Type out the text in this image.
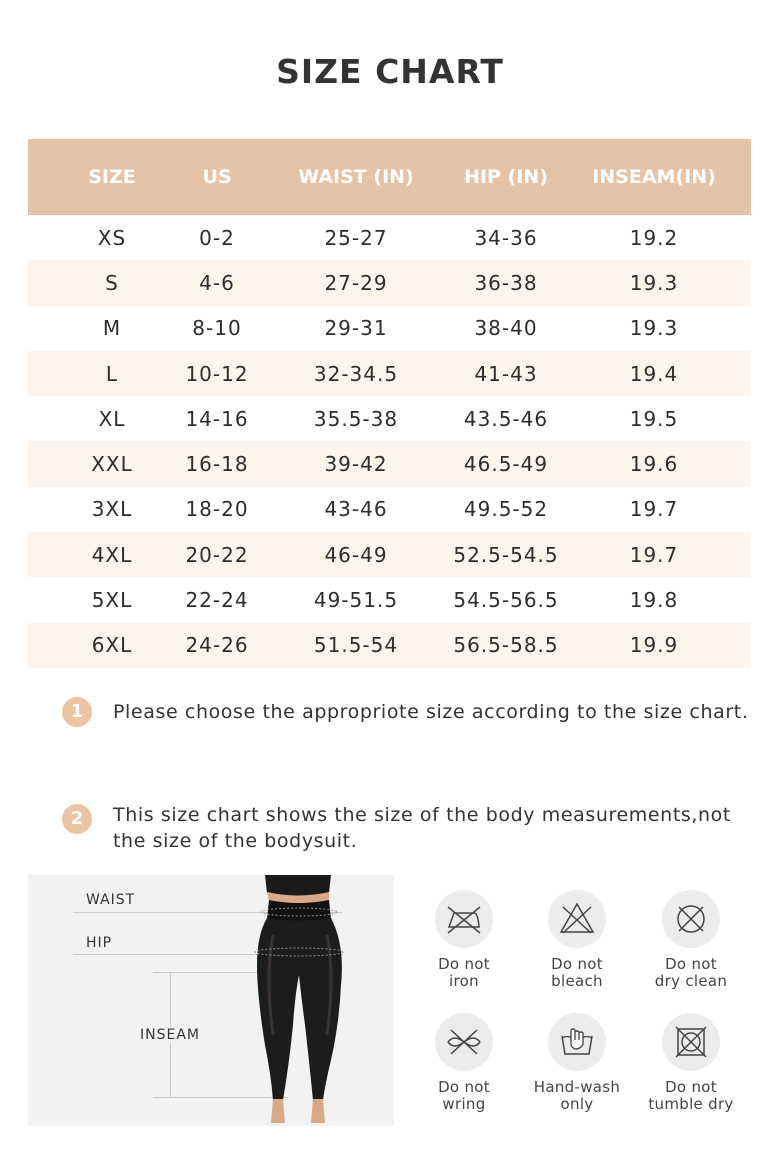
SIZE CHART
SIZE	US	WAIST (IN)	HIP (IN)	INSEAM(IN)
XS	0-2	25-27	34-36	19.2
S	4-6	27-29	36-38	19.3
M	8-10	29-31	38-40	19.3
L	10-12	32-34.5	41-43	19.4
XL	14-16	35.5-38	43.5-46	19.5
XXL	16-18	39-42	46.5-49	19.6
3XL	18-20	43-46	49.5-52	19.7
4XL	20-22	46-49	52.5-54.5	19.7
5XL	22-24	49-51.5	54.5-56.5	19.8
6XL	24-26	51.5-54	56.5-58.5	19.9
1	Please choose the appropriote size according to the size chart.
2	This size chart shows the size of the body measurements,not the size of the bodysuit.
WAIST
HIP
INSEAM
Do not
iron
Do not
bleach
Do not
dry clean
Do not
wring
Hand-wash
only
Do not
tumble dry
